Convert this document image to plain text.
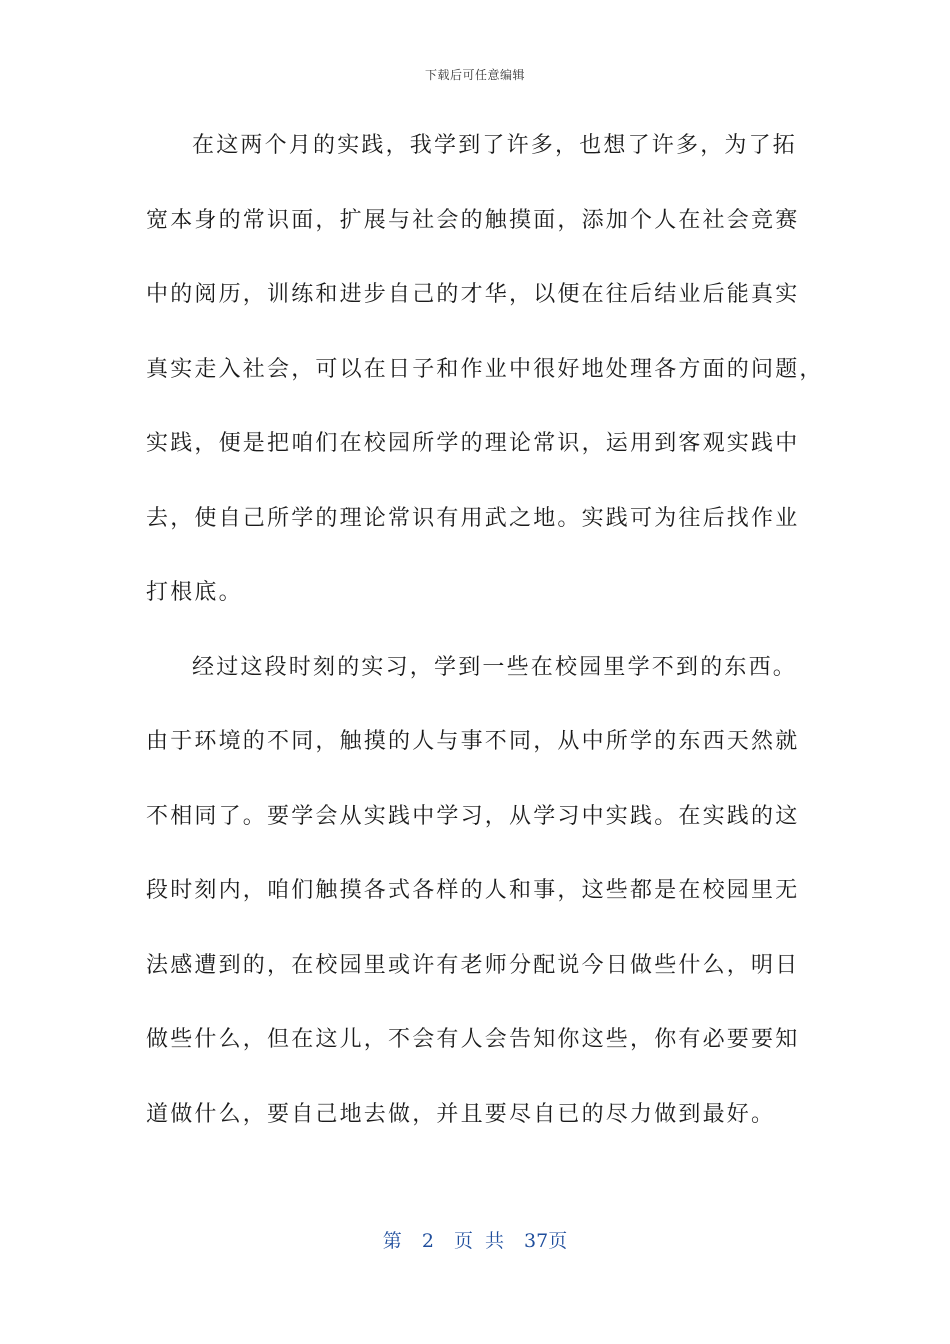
下载后可任意编辑
在这两个月的实践，我学到了许多，也想了许多，为了拓
宽本身的常识面，扩展与社会的触摸面，添加个人在社会竞赛
中的阅历，训练和进步自己的才华，以便在往后结业后能真实
真实走入社会，可以在日子和作业中很好地处理各方面的问题，
实践，便是把咱们在校园所学的理论常识，运用到客观实践中
去，使自己所学的理论常识有用武之地。实践可为往后找作业
打根底。
经过这段时刻的实习，学到一些在校园里学不到的东西。
由于环境的不同，触摸的人与事不同，从中所学的东西天然就
不相同了。要学会从实践中学习，从学习中实践。在实践的这
段时刻内，咱们触摸各式各样的人和事，这些都是在校园里无
法感遭到的，在校园里或许有老师分配说今日做些什么，明日
做些什么，但在这儿，不会有人会告知你这些，你有必要要知
道做什么，要自己地去做，并且要尽自已的尽力做到最好。
第 2 页 共 37页
